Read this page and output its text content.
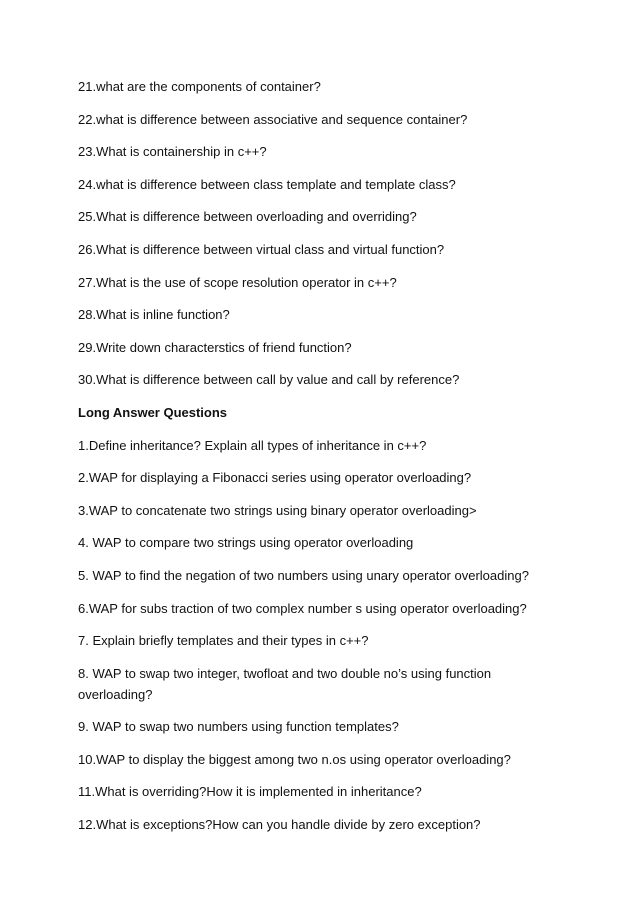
21.what are the components of container?

22.what is difference between associative and sequence container?

23.What is containership in c++?

24.what is difference between class template and template class?

25.What is difference between overloading and overriding?

26.What is difference between virtual class and virtual function?

27.What is the use of scope resolution operator in c++?

28.What is inline function?

29.Write down characterstics of friend function?

30.What is difference between call by value and call by reference?

Long Answer Questions

1.Define inheritance? Explain all types of inheritance in c++?

2.WAP for displaying a Fibonacci series using operator overloading?

3.WAP to concatenate two strings using binary operator overloading>

4. WAP to compare two strings using operator overloading

5. WAP to find the negation of two numbers using unary operator overloading?

6.WAP for subs traction of two complex number s using operator overloading?

7. Explain briefly templates and their types in c++?

8. WAP to swap two integer, twofloat and two double no’s using function overloading?

9. WAP to swap two numbers using function templates?

10.WAP to display the biggest among two n.os using operator overloading?

11.What is overriding?How it is implemented in inheritance?

12.What is exceptions?How can you handle divide by zero exception?
